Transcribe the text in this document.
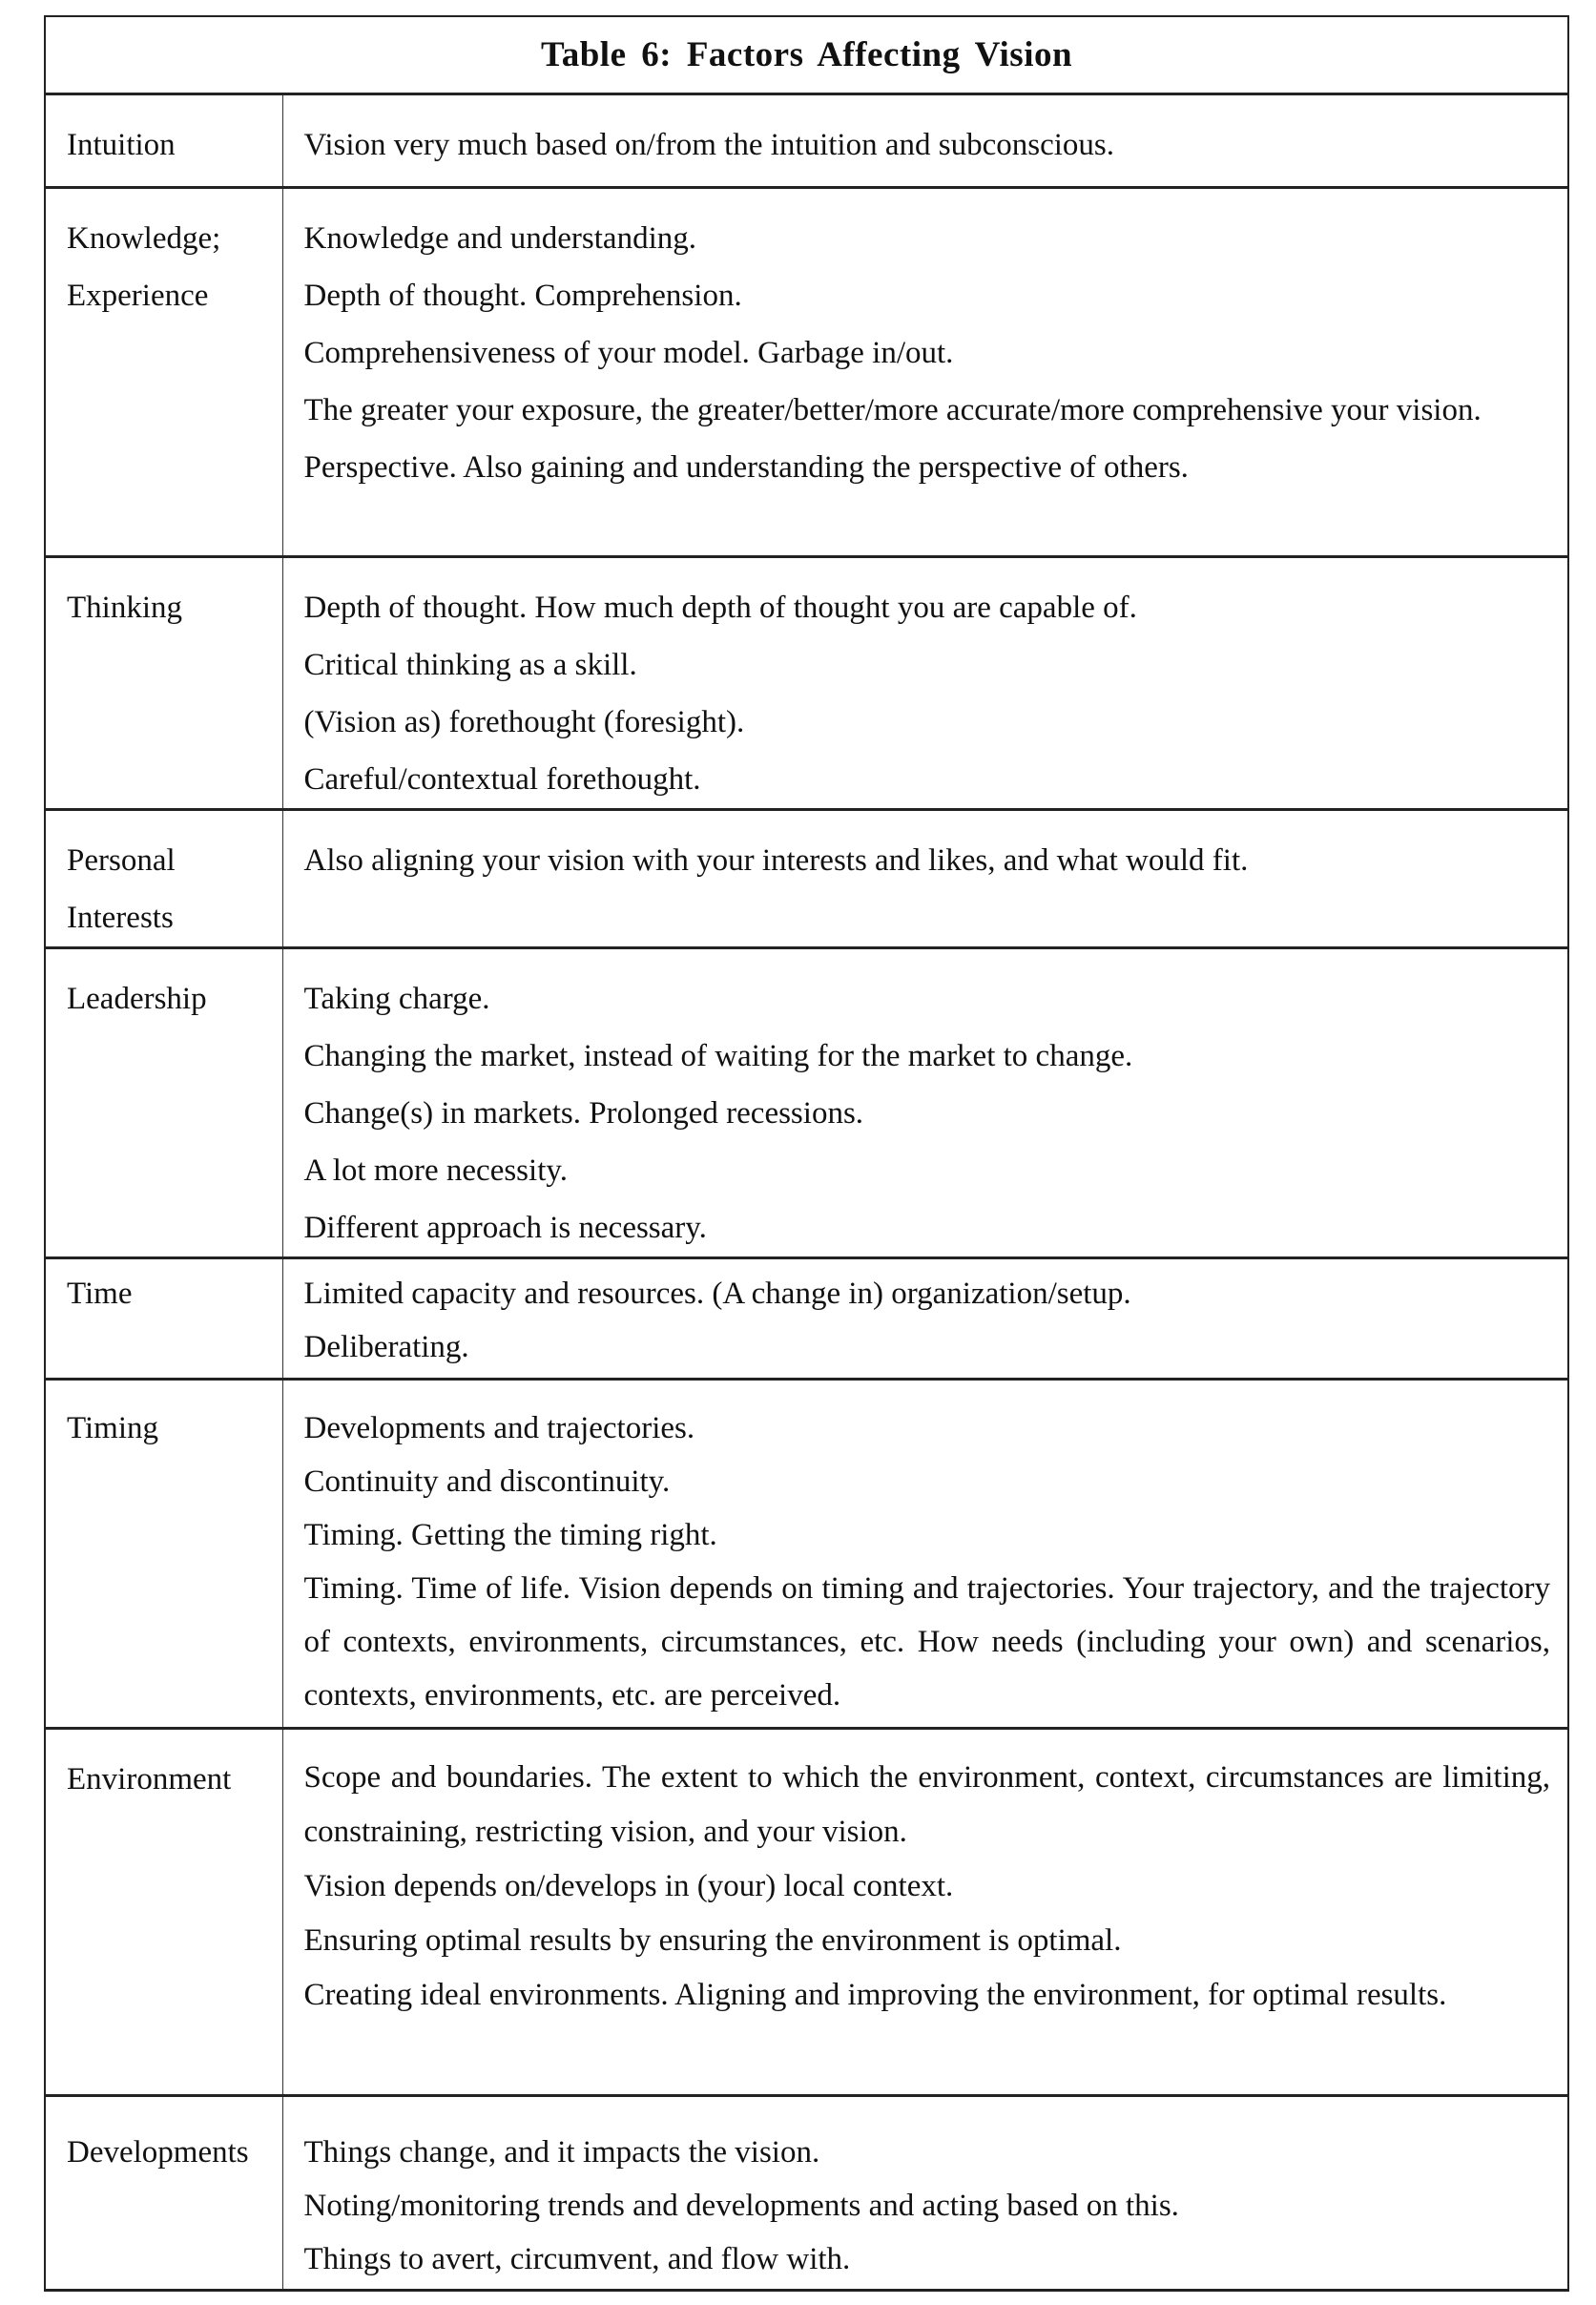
Table 6: Factors Affecting Vision	

Intuition	Vision very much based on/from the intuition and subconscious.

Knowledge;
Experience	Knowledge and understanding.
Depth of thought. Comprehension.
Comprehensiveness of your model. Garbage in/out.
The greater your exposure, the greater/better/more accurate/more comprehensive your vision.
Perspective. Also gaining and understanding the perspective of others.

Thinking	Depth of thought. How much depth of thought you are capable of.
Critical thinking as a skill.
(Vision as) forethought (foresight).
Careful/contextual forethought.

Personal
Interests	Also aligning your vision with your interests and likes, and what would fit.

Leadership	Taking charge.
Changing the market, instead of waiting for the market to change.
Change(s) in markets. Prolonged recessions.
A lot more necessity.
Different approach is necessary.

Time	Limited capacity and resources. (A change in) organization/setup.
Deliberating.

Timing	Developments and trajectories.
Continuity and discontinuity.
Timing. Getting the timing right.
Timing. Time of life. Vision depends on timing and trajectories. Your trajectory, and the trajectory of contexts, environments, circumstances, etc. How needs (including your own) and scenarios, contexts, environments, etc. are perceived.

Environment	Scope and boundaries. The extent to which the environment, context, circumstances are limiting, constraining, restricting vision, and your vision.
Vision depends on/develops in (your) local context.
Ensuring optimal results by ensuring the environment is optimal.
Creating ideal environments. Aligning and improving the environment, for optimal results.

Developments	Things change, and it impacts the vision.
Noting/monitoring trends and developments and acting based on this.
Things to avert, circumvent, and flow with.
